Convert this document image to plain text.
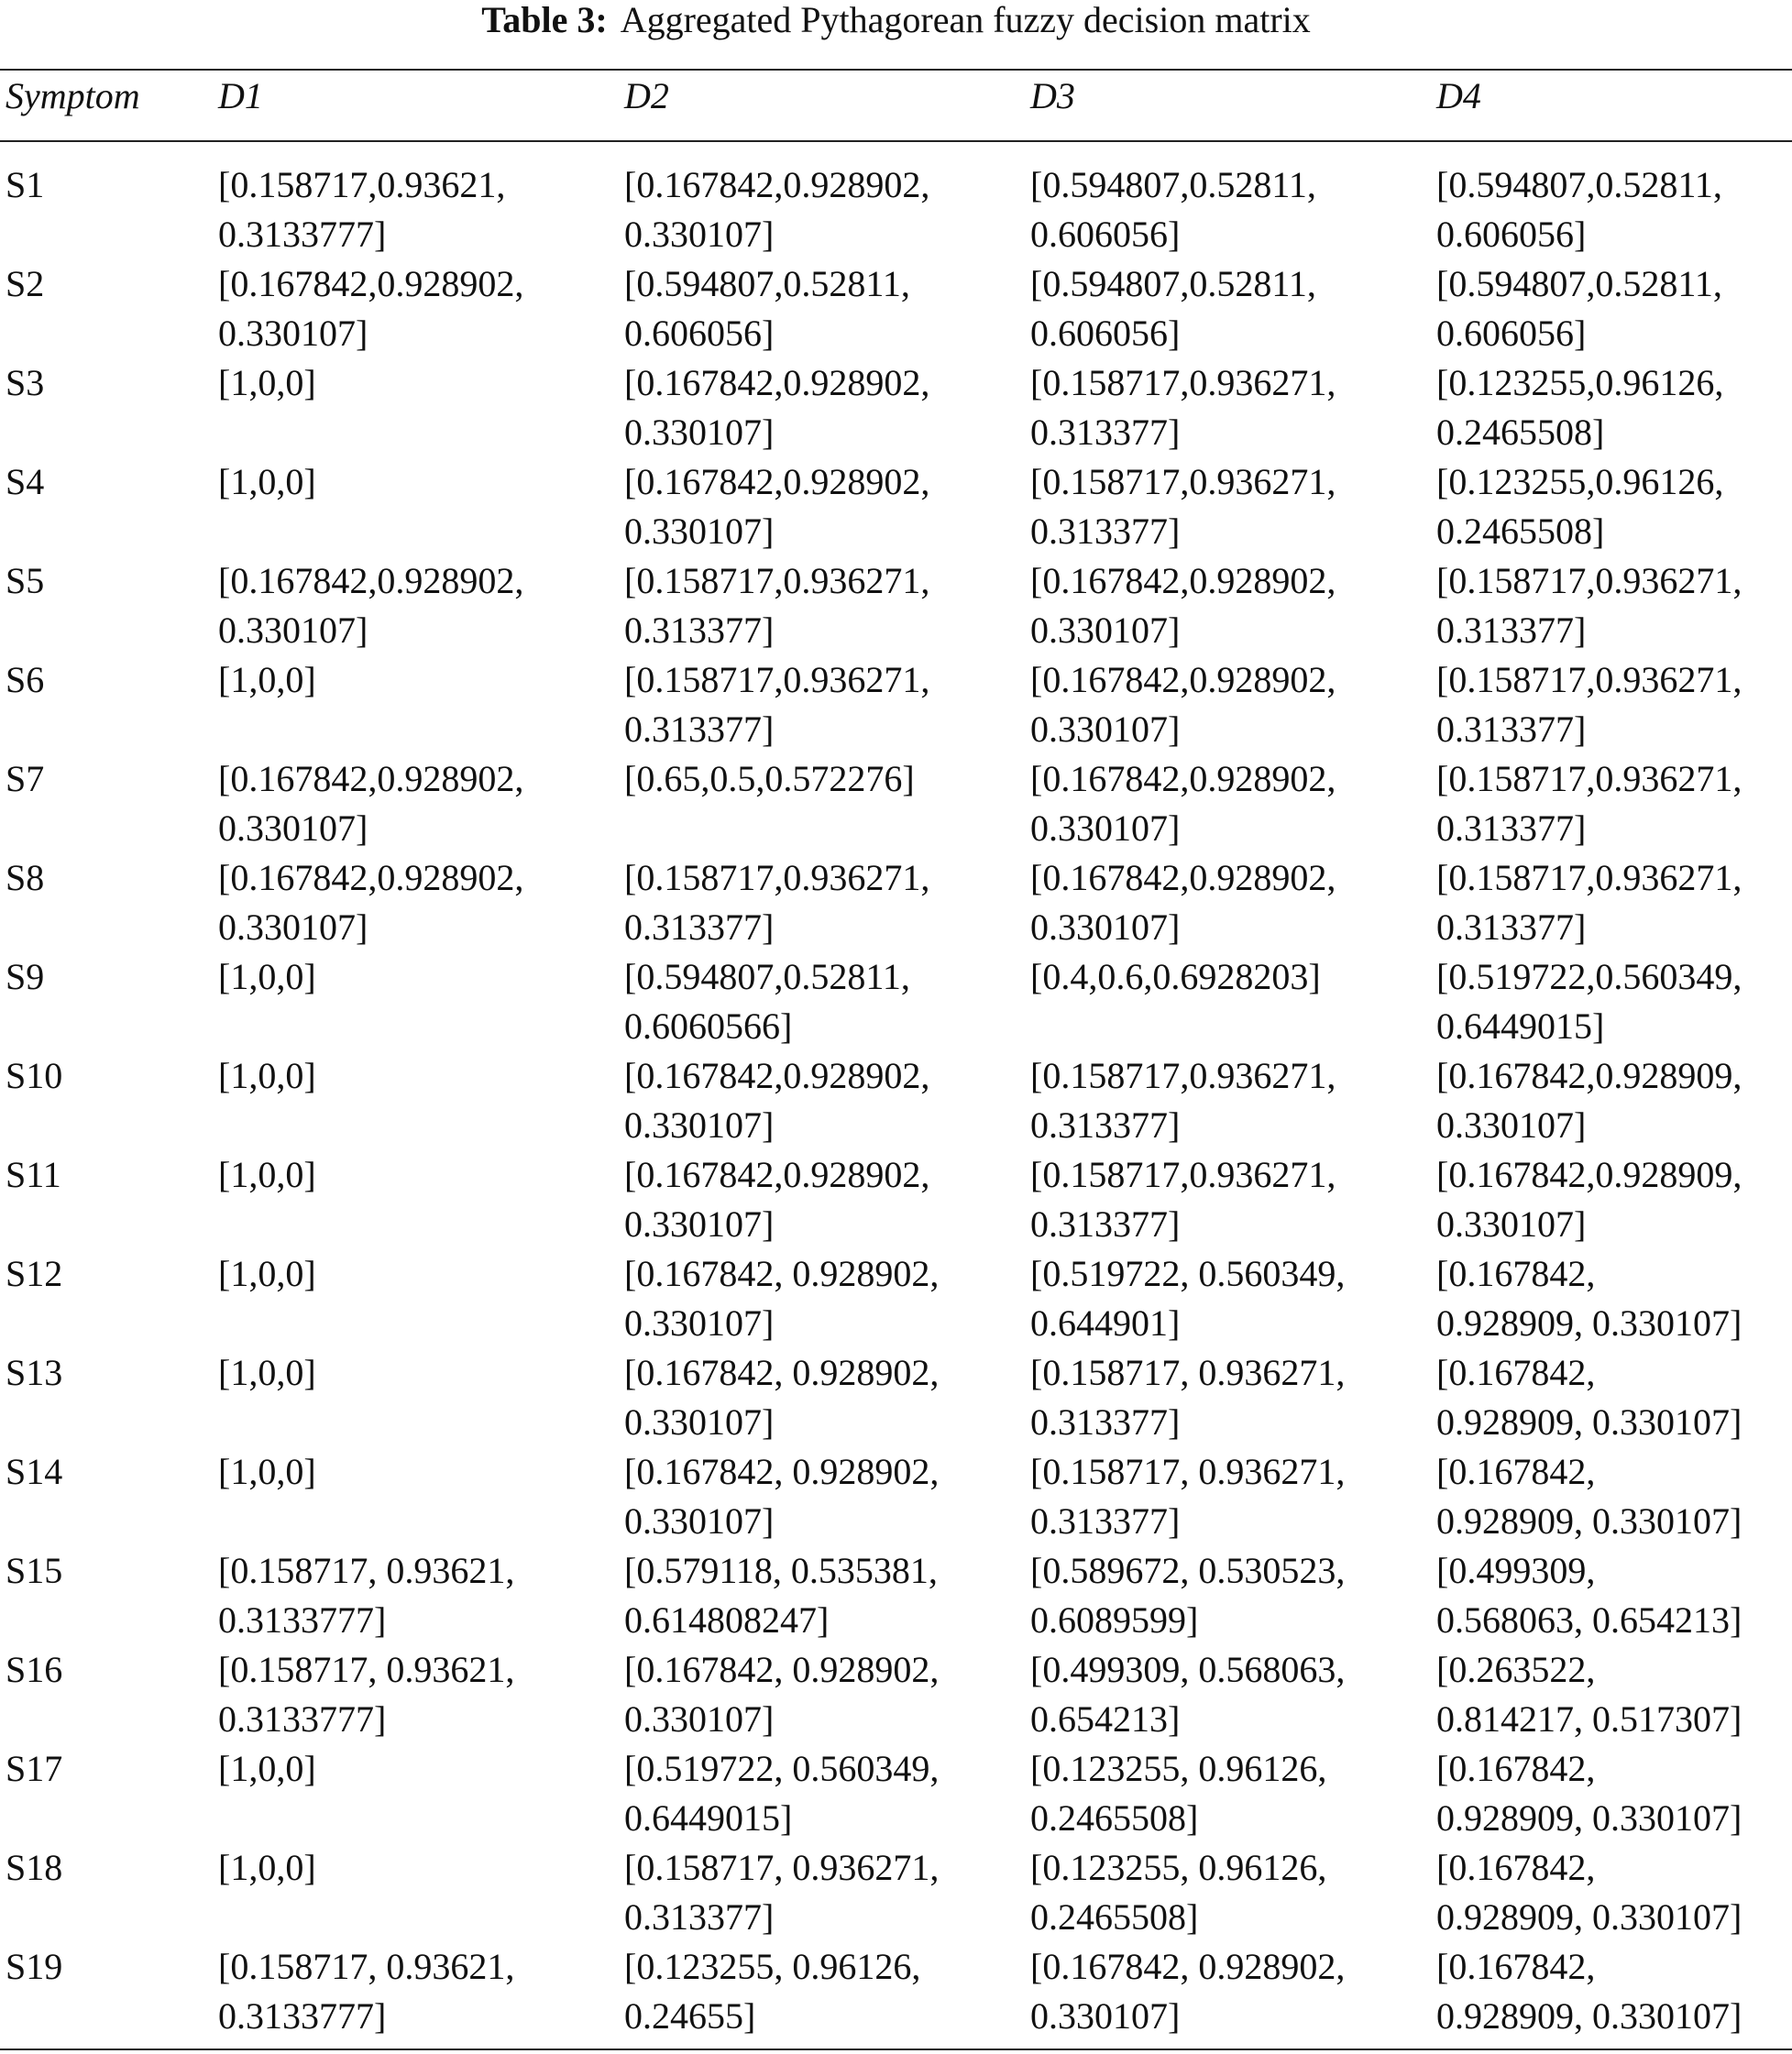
Table 3: Aggregated Pythagorean fuzzy decision matrix
Symptom	D1	D2	D3	D4

S1	[0.158717,0.93621,
0.3133777]	[0.167842,0.928902,
0.330107]	[0.594807,0.52811,
0.606056]	[0.594807,0.52811,
0.606056]
S2	[0.167842,0.928902,
0.330107]	[0.594807,0.52811,
0.606056]	[0.594807,0.52811,
0.606056]	[0.594807,0.52811,
0.606056]
S3	[1,0,0]	[0.167842,0.928902,
0.330107]	[0.158717,0.936271,
0.313377]	[0.123255,0.96126,
0.2465508]
S4	[1,0,0]	[0.167842,0.928902,
0.330107]	[0.158717,0.936271,
0.313377]	[0.123255,0.96126,
0.2465508]
S5	[0.167842,0.928902,
0.330107]	[0.158717,0.936271,
0.313377]	[0.167842,0.928902,
0.330107]	[0.158717,0.936271,
0.313377]
S6	[1,0,0]	[0.158717,0.936271,
0.313377]	[0.167842,0.928902,
0.330107]	[0.158717,0.936271,
0.313377]
S7	[0.167842,0.928902,
0.330107]	[0.65,0.5,0.572276]	[0.167842,0.928902,
0.330107]	[0.158717,0.936271,
0.313377]
S8	[0.167842,0.928902,
0.330107]	[0.158717,0.936271,
0.313377]	[0.167842,0.928902,
0.330107]	[0.158717,0.936271,
0.313377]
S9	[1,0,0]	[0.594807,0.52811,
0.6060566]	[0.4,0.6,0.6928203]	[0.519722,0.560349,
0.6449015]
S10	[1,0,0]	[0.167842,0.928902,
0.330107]	[0.158717,0.936271,
0.313377]	[0.167842,0.928909,
0.330107]
S11	[1,0,0]	[0.167842,0.928902,
0.330107]	[0.158717,0.936271,
0.313377]	[0.167842,0.928909,
0.330107]
S12	[1,0,0]	[0.167842, 0.928902,
0.330107]	[0.519722, 0.560349,
0.644901]	[0.167842,
0.928909, 0.330107]
S13	[1,0,0]	[0.167842, 0.928902,
0.330107]	[0.158717, 0.936271,
0.313377]	[0.167842,
0.928909, 0.330107]
S14	[1,0,0]	[0.167842, 0.928902,
0.330107]	[0.158717, 0.936271,
0.313377]	[0.167842,
0.928909, 0.330107]
S15	[0.158717, 0.93621,
0.3133777]	[0.579118, 0.535381,
0.614808247]	[0.589672, 0.530523,
0.6089599]	[0.499309,
0.568063, 0.654213]
S16	[0.158717, 0.93621,
0.3133777]	[0.167842, 0.928902,
0.330107]	[0.499309, 0.568063,
0.654213]	[0.263522,
0.814217, 0.517307]
S17	[1,0,0]	[0.519722, 0.560349,
0.6449015]	[0.123255, 0.96126,
0.2465508]	[0.167842,
0.928909, 0.330107]
S18	[1,0,0]	[0.158717, 0.936271,
0.313377]	[0.123255, 0.96126,
0.2465508]	[0.167842,
0.928909, 0.330107]
S19	[0.158717, 0.93621,
0.3133777]	[0.123255, 0.96126,
0.24655]	[0.167842, 0.928902,
0.330107]	[0.167842,
0.928909, 0.330107]
